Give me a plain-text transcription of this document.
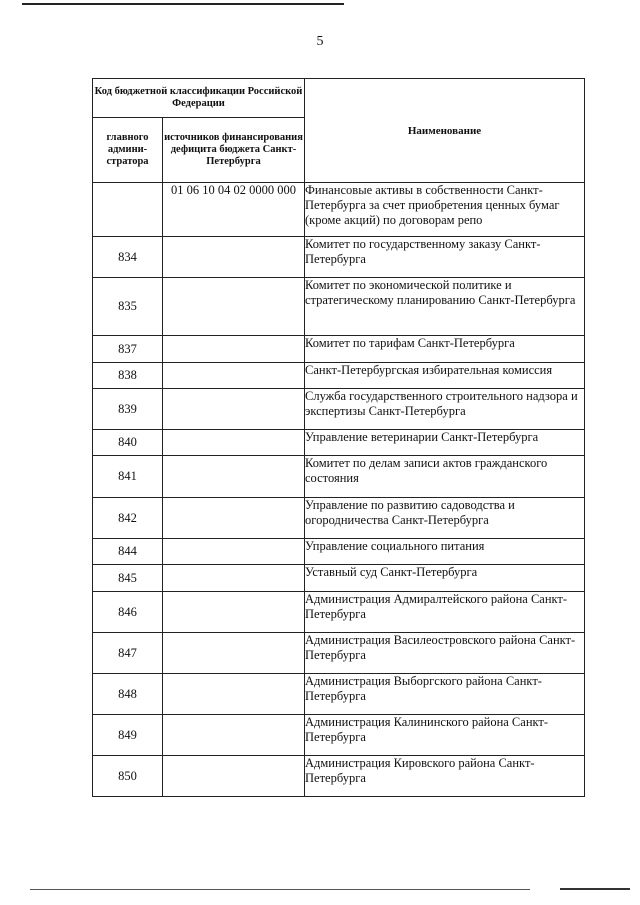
5
Код бюджетной классификации Российской Федерации		Наименование
главного админи-стратора	источников финансирования дефицита бюджета Санкт-Петербурга	
	01 06 10 04 02 0000 000	Финансовые активы в собственности Санкт-Петербурга за счет приобретения ценных бумаг (кроме акций) по договорам репо
834		Комитет по государственному заказу Санкт-Петербурга
835		Комитет по экономической политике и стратегическому планированию Санкт-Петербурга
837		Комитет по тарифам Санкт-Петербурга
838		Санкт-Петербургская избирательная комиссия
839		Служба государственного строительного надзора и экспертизы Санкт-Петербурга
840		Управление ветеринарии Санкт-Петербурга
841		Комитет по делам записи актов гражданского состояния
842		Управление по развитию садоводства и огородничества Санкт-Петербурга
844		Управление социального питания
845		Уставный суд Санкт-Петербурга
846		Администрация Адмиралтейского района Санкт-Петербурга
847		Администрация Василеостровского района Санкт-Петербурга
848		Администрация Выборгского района Санкт-Петербурга
849		Администрация Калининского района Санкт-Петербурга
850		Администрация Кировского района Санкт-Петербурга
